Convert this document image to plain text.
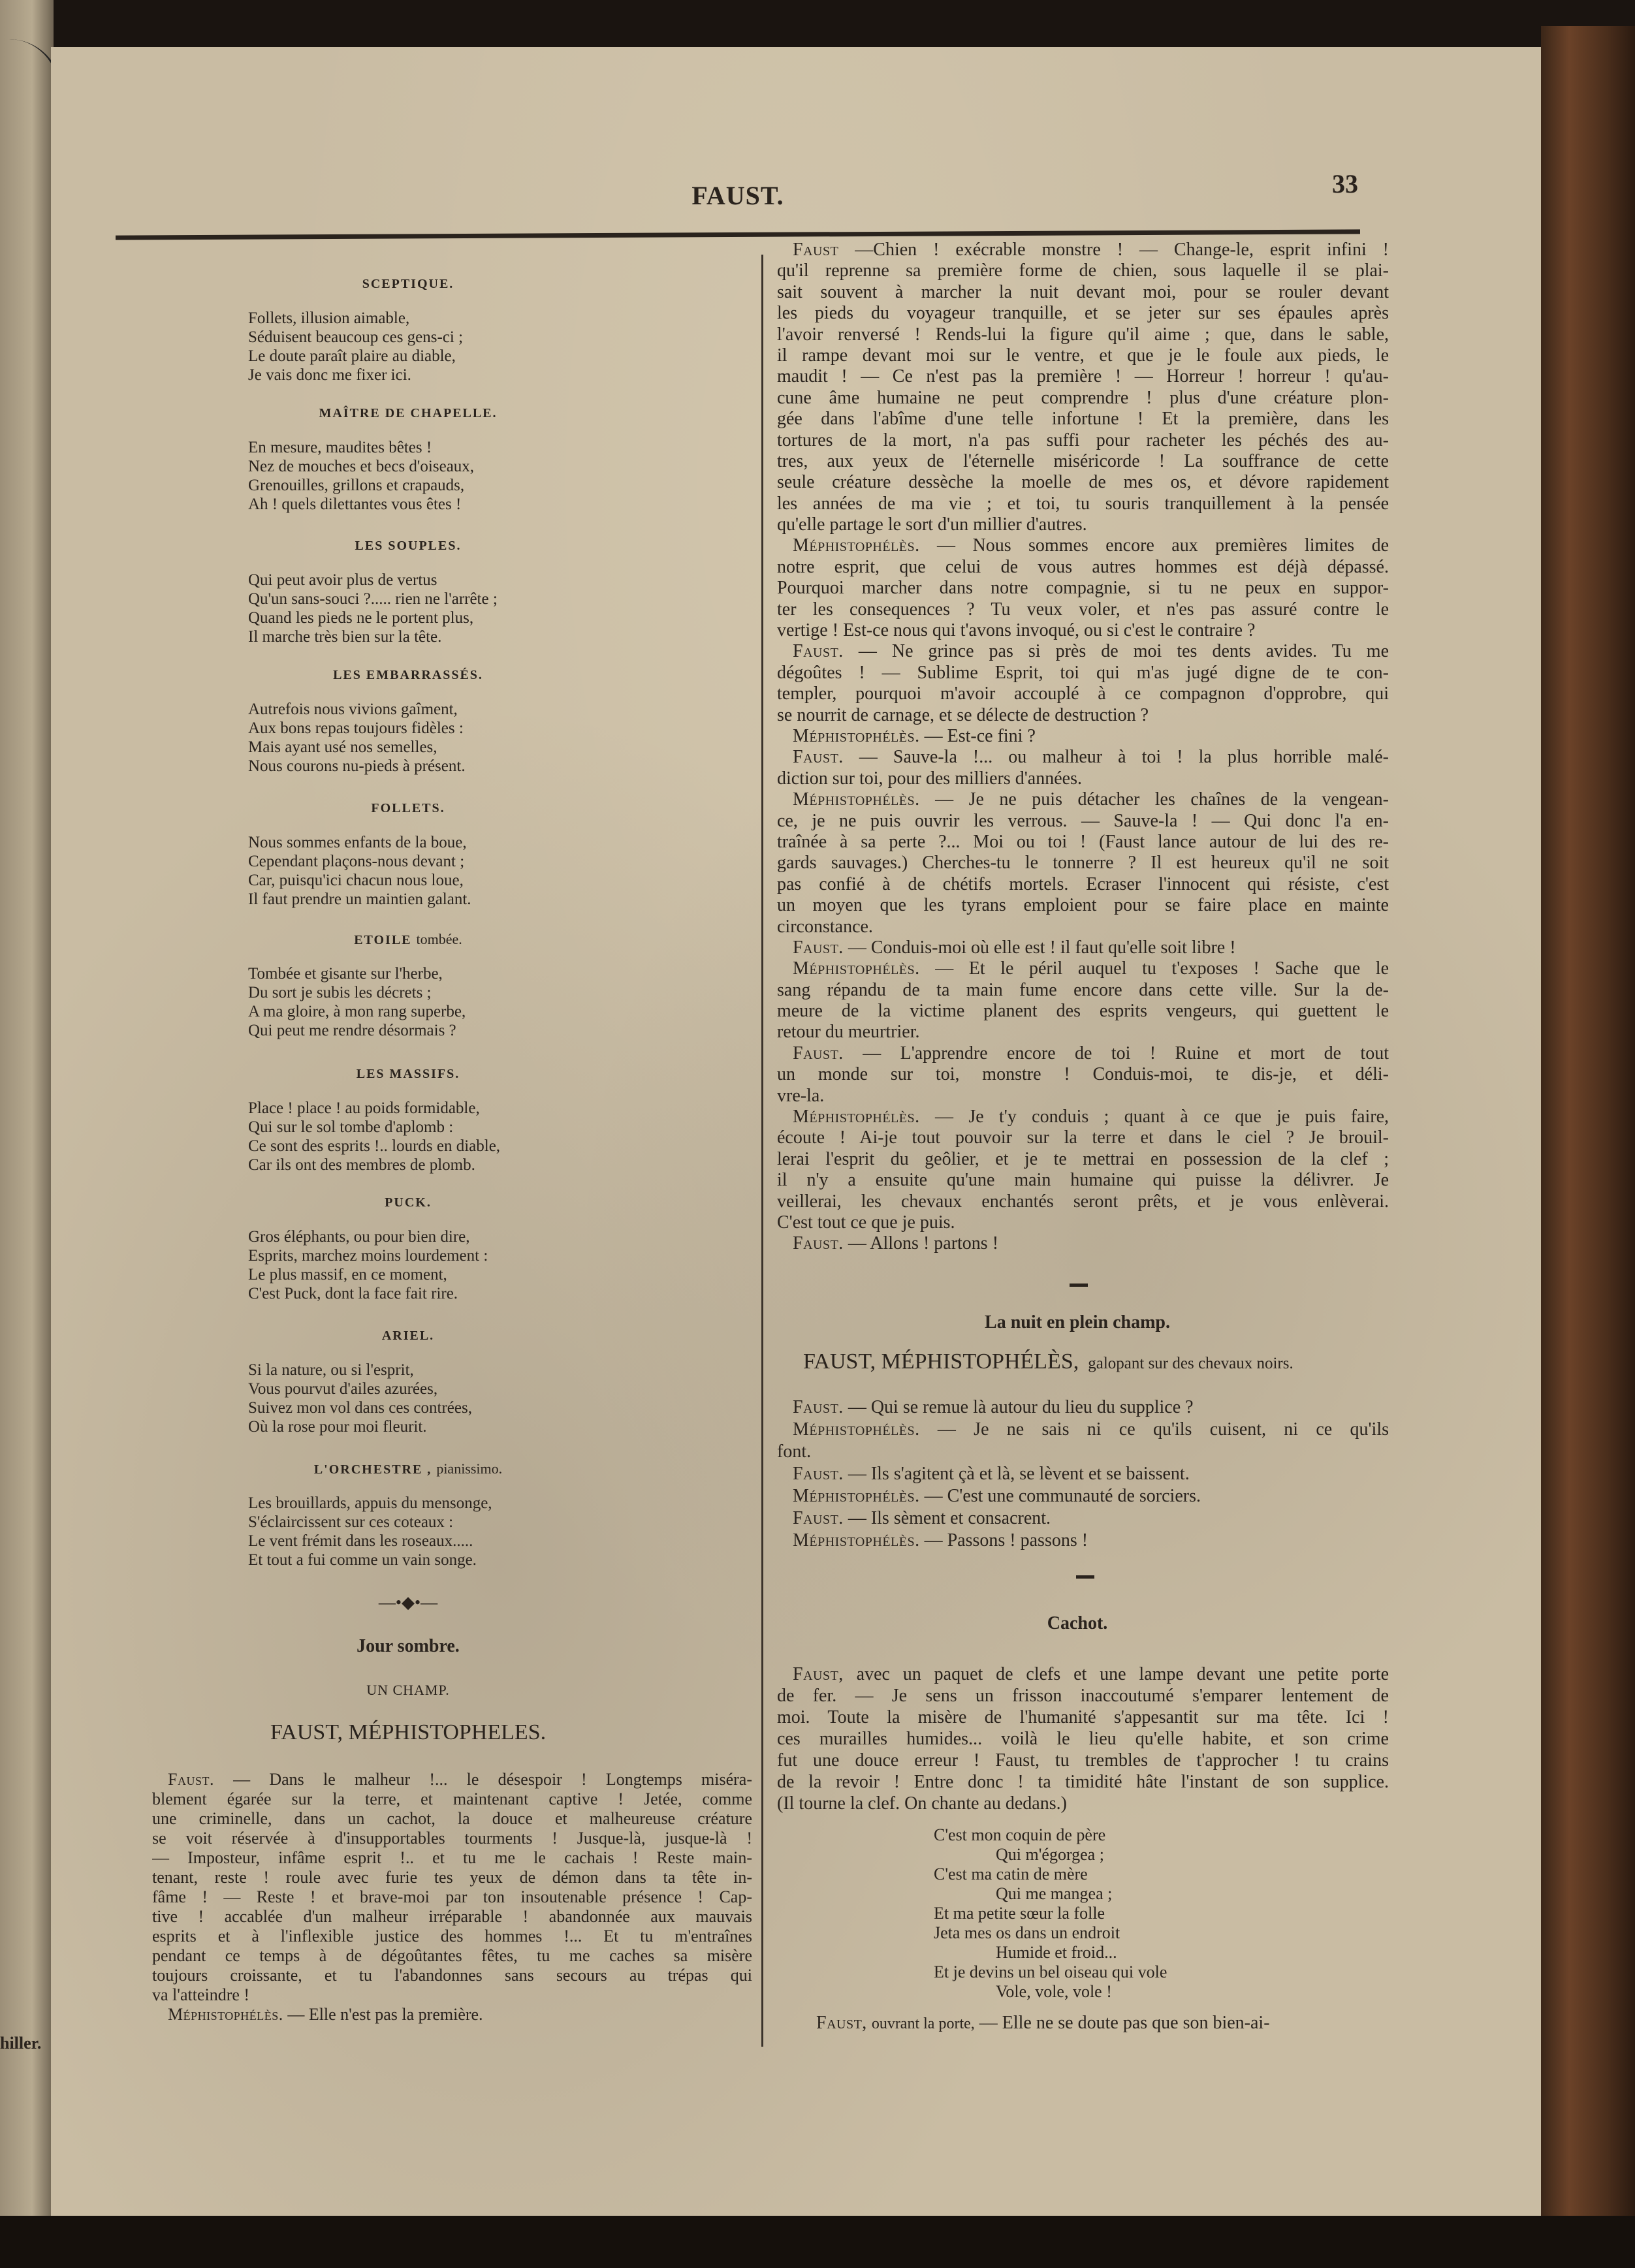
hiller.
FAUST.	33
SCEPTIQUE.
Follets, illusion aimable,
Séduisent beaucoup ces gens-ci ;
Le doute paraît plaire au diable,
Je vais donc me fixer ici.
MAÎTRE DE CHAPELLE.
En mesure, maudites bêtes !
Nez de mouches et becs d'oiseaux,
Grenouilles, grillons et crapauds,
Ah ! quels dilettantes vous êtes !
LES SOUPLES.
Qui peut avoir plus de vertus
Qu'un sans-souci ?..... rien ne l'arrête ;
Quand les pieds ne le portent plus,
Il marche très bien sur la tête.
LES EMBARRASSÉS.
Autrefois nous vivions gaîment,
Aux bons repas toujours fidèles :
Mais ayant usé nos semelles,
Nous courons nu-pieds à présent.
FOLLETS.
Nous sommes enfants de la boue,
Cependant plaçons-nous devant ;
Car, puisqu'ici chacun nous loue,
Il faut prendre un maintien galant.
ETOILE tombée.
Tombée et gisante sur l'herbe,
Du sort je subis les décrets ;
A ma gloire, à mon rang superbe,
Qui peut me rendre désormais ?
LES MASSIFS.
Place ! place ! au poids formidable,
Qui sur le sol tombe d'aplomb :
Ce sont des esprits !.. lourds en diable,
Car ils ont des membres de plomb.
PUCK.
Gros éléphants, ou pour bien dire,
Esprits, marchez moins lourdement :
Le plus massif, en ce moment,
C'est Puck, dont la face fait rire.
ARIEL.
Si la nature, ou si l'esprit,
Vous pourvut d'ailes azurées,
Suivez mon vol dans ces contrées,
Où la rose pour moi fleurit.
L'ORCHESTRE , pianissimo.
Les brouillards, appuis du mensonge,
S'éclaircissent sur ces coteaux :
Le vent frémit dans les roseaux.....
Et tout a fui comme un vain songe.
—•◆•—
Jour sombre.
UN CHAMP.
FAUST, MÉPHISTOPHELES.
Faust. — Dans le malheur !... le désespoir ! Longtemps miséra-
blement égarée sur la terre, et maintenant captive ! Jetée, comme
une criminelle, dans un cachot, la douce et malheureuse créature
se voit réservée à d'insupportables tourments ! Jusque-là, jusque-là !
— Imposteur, infâme esprit !.. et tu me le cachais ! Reste main-
tenant, reste ! roule avec furie tes yeux de démon dans ta tête in-
fâme ! — Reste ! et brave-moi par ton insoutenable présence ! Cap-
tive ! accablée d'un malheur irréparable ! abandonnée aux mauvais
esprits et à l'inflexible justice des hommes !... Et tu m'entraînes
pendant ce temps à de dégoûtantes fêtes, tu me caches sa misère
toujours croissante, et tu l'abandonnes sans secours au trépas qui
va l'atteindre !
Méphistophélès. — Elle n'est pas la première.
Faust —Chien ! exécrable monstre ! — Change-le, esprit infini !
qu'il reprenne sa première forme de chien, sous laquelle il se plai-
sait souvent à marcher la nuit devant moi, pour se rouler devant
les pieds du voyageur tranquille, et se jeter sur ses épaules après
l'avoir renversé ! Rends-lui la figure qu'il aime ; que, dans le sable,
il rampe devant moi sur le ventre, et que je le foule aux pieds, le
maudit ! — Ce n'est pas la première ! — Horreur ! horreur ! qu'au-
cune âme humaine ne peut comprendre ! plus d'une créature plon-
gée dans l'abîme d'une telle infortune ! Et la première, dans les
tortures de la mort, n'a pas suffi pour racheter les péchés des au-
tres, aux yeux de l'éternelle miséricorde ! La souffrance de cette
seule créature dessèche la moelle de mes os, et dévore rapidement
les années de ma vie ; et toi, tu souris tranquillement à la pensée
qu'elle partage le sort d'un millier d'autres.
Méphistophélès. — Nous sommes encore aux premières limites de
notre esprit, que celui de vous autres hommes est déjà dépassé.
Pourquoi marcher dans notre compagnie, si tu ne peux en suppor-
ter les consequences ? Tu veux voler, et n'es pas assuré contre le
vertige ! Est-ce nous qui t'avons invoqué, ou si c'est le contraire ?
Faust. — Ne grince pas si près de moi tes dents avides. Tu me
dégoûtes ! — Sublime Esprit, toi qui m'as jugé digne de te con-
templer, pourquoi m'avoir accouplé à ce compagnon d'opprobre, qui
se nourrit de carnage, et se délecte de destruction ?
Méphistophélès. — Est-ce fini ?
Faust. — Sauve-la !... ou malheur à toi ! la plus horrible malé-
diction sur toi, pour des milliers d'années.
Méphistophélès. — Je ne puis détacher les chaînes de la vengean-
ce, je ne puis ouvrir les verrous. — Sauve-la ! — Qui donc l'a en-
traînée à sa perte ?... Moi ou toi ! (Faust lance autour de lui des re-
gards sauvages.) Cherches-tu le tonnerre ? Il est heureux qu'il ne soit
pas confié à de chétifs mortels. Ecraser l'innocent qui résiste, c'est
un moyen que les tyrans emploient pour se faire place en mainte
circonstance.
Faust. — Conduis-moi où elle est ! il faut qu'elle soit libre !
Méphistophélès. — Et le péril auquel tu t'exposes ! Sache que le
sang répandu de ta main fume encore dans cette ville. Sur la de-
meure de la victime planent des esprits vengeurs, qui guettent le
retour du meurtrier.
Faust. — L'apprendre encore de toi ! Ruine et mort de tout
un monde sur toi, monstre ! Conduis-moi, te dis-je, et déli-
vre-la.
Méphistophélès. — Je t'y conduis ; quant à ce que je puis faire,
écoute ! Ai-je tout pouvoir sur la terre et dans le ciel ? Je brouil-
lerai l'esprit du geôlier, et je te mettrai en possession de la clef ;
il n'y a ensuite qu'une main humaine qui puisse la délivrer. Je
veillerai, les chevaux enchantés seront prêts, et je vous enlèverai.
C'est tout ce que je puis.
Faust. — Allons ! partons !
La nuit en plein champ.
FAUST, MÉPHISTOPHÉLÈS, galopant sur des chevaux noirs.
Faust. — Qui se remue là autour du lieu du supplice ?
Méphistophélès. — Je ne sais ni ce qu'ils cuisent, ni ce qu'ils
font.
Faust. — Ils s'agitent çà et là, se lèvent et se baissent.
Méphistophélès. — C'est une communauté de sorciers.
Faust. — Ils sèment et consacrent.
Méphistophélès. — Passons ! passons !
Cachot.
Faust, avec un paquet de clefs et une lampe devant une petite porte
de fer. — Je sens un frisson inaccoutumé s'emparer lentement de
moi. Toute la misère de l'humanité s'appesantit sur ma tête. Ici !
ces murailles humides... voilà le lieu qu'elle habite, et son crime
fut une douce erreur ! Faust, tu trembles de t'approcher ! tu crains
de la revoir ! Entre donc ! ta timidité hâte l'instant de son supplice.
(Il tourne la clef. On chante au dedans.)
C'est mon coquin de père
Qui m'égorgea ;
C'est ma catin de mère
Qui me mangea ;
Et ma petite sœur la folle
Jeta mes os dans un endroit
Humide et froid...
Et je devins un bel oiseau qui vole
Vole, vole, vole !
Faust, ouvrant la porte, — Elle ne se doute pas que son bien-ai-
